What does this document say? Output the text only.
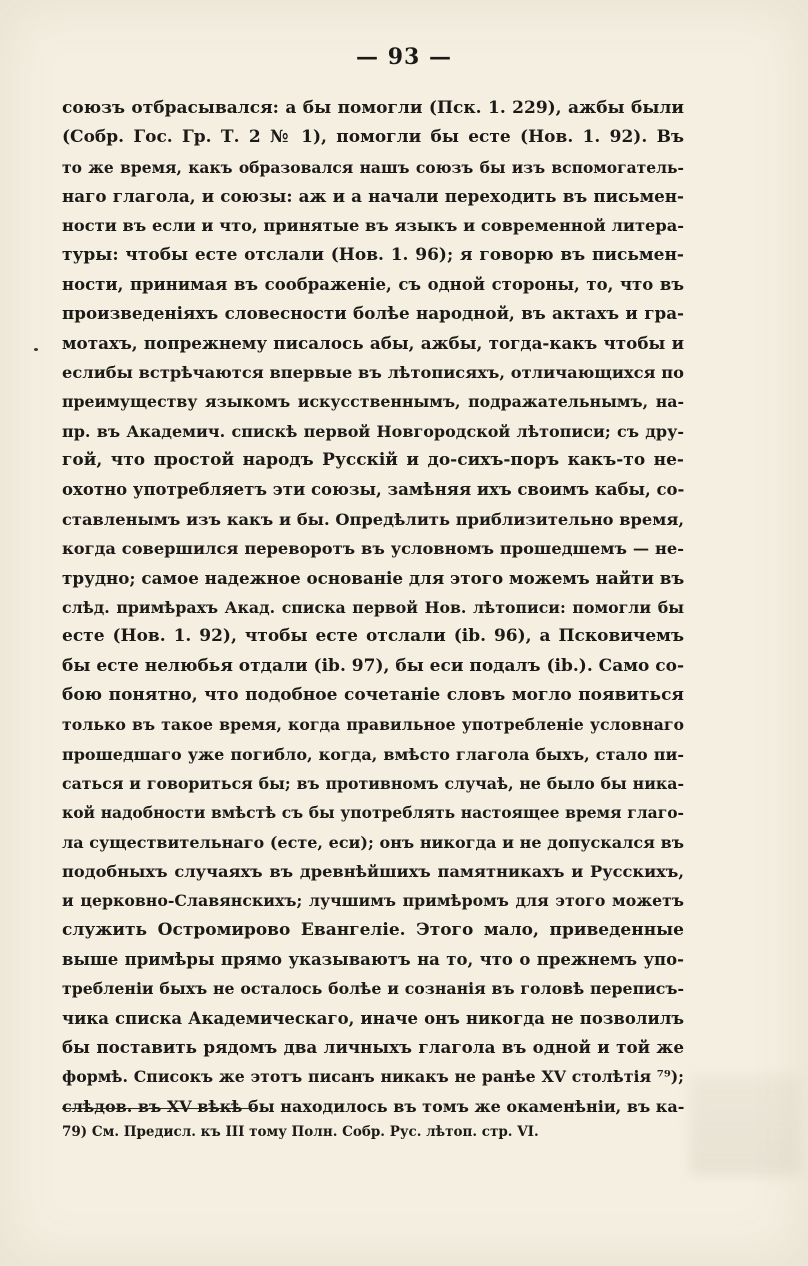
— 93 —
союзъ отбрасывался: а бы помогли (Пск. 1. 229), ажбы были
(Собр. Гос. Гр. Т. 2 № 1), помогли бы есте (Нов. 1. 92). Въ
то же время, какъ образовался нашъ союзъ бы изъ вспомогатель-
наго глагола, и союзы: аж и а начали переходить въ письмен-
ности въ если и что, принятые въ языкъ и современной литера-
туры: чтобы есте отслали (Нов. 1. 96); я говорю въ письмен-
ности, принимая въ соображенiе, съ одной стороны, то, что въ
произведенiяхъ словесности болѣе народной, въ актахъ и гра-
мотахъ, попрежнему писалось абы, ажбы, тогда-какъ чтобы и
еслибы встрѣчаются впервые въ лѣтописяхъ, отличающихся по
преимуществу языкомъ искусственнымъ, подражательнымъ, на-
пр. въ Академич. спискѣ первой Новгородской лѣтописи; съ дру-
гой, что простой народъ Русскiй и до-сихъ-поръ какъ-то не-
охотно употребляетъ эти союзы, замѣняя ихъ своимъ кабы, со-
ставленымъ изъ какъ и бы. Опредѣлить приблизительно время,
когда совершился переворотъ въ условномъ прошедшемъ — не-
трудно; самое надежное основанiе для этого можемъ найти въ
слѣд. примѣрахъ Акад. списка первой Нов. лѣтописи: помогли бы
есте (Нов. 1. 92), чтобы есте отслали (ib. 96), а Псковичемъ
бы есте нелюбья отдали (ib. 97), бы еси подалъ (ib.). Само со-
бою понятно, что подобное сочетанiе словъ могло появиться
только въ такое время, когда правильное употребленiе условнаго
прошедшаго уже погибло, когда, вмѣсто глагола быхъ, стало пи-
саться и говориться бы; въ противномъ случаѣ, не было бы ника-
кой надобности вмѣстѣ съ бы употреблять настоящее время глаго-
ла существительнаго (есте, еси); онъ никогда и не допускался въ
подобныхъ случаяхъ въ древнѣйшихъ памятникахъ и Русскихъ,
и церковно-Славянскихъ; лучшимъ примѣромъ для этого можетъ
служить Остромирово Евангелiе. Этого мало, приведенные
выше примѣры прямо указываютъ на то, что о прежнемъ упо-
требленiи быхъ не осталось болѣе и сознанiя въ головѣ переписъ-
чика списка Академическаго, иначе онъ никогда не позволилъ
бы поставить рядомъ два личныхъ глагола въ одной и той же
формѣ. Списокъ же этотъ писанъ никакъ не ранѣе XV столѣтiя ⁷⁹);
слѣдов. въ XV вѣкѣ бы находилось въ томъ же окаменѣнiи, въ ка-
79) См. Предисл. къ III тому Полн. Собр. Рус. лѣтоп. стр. VI.
